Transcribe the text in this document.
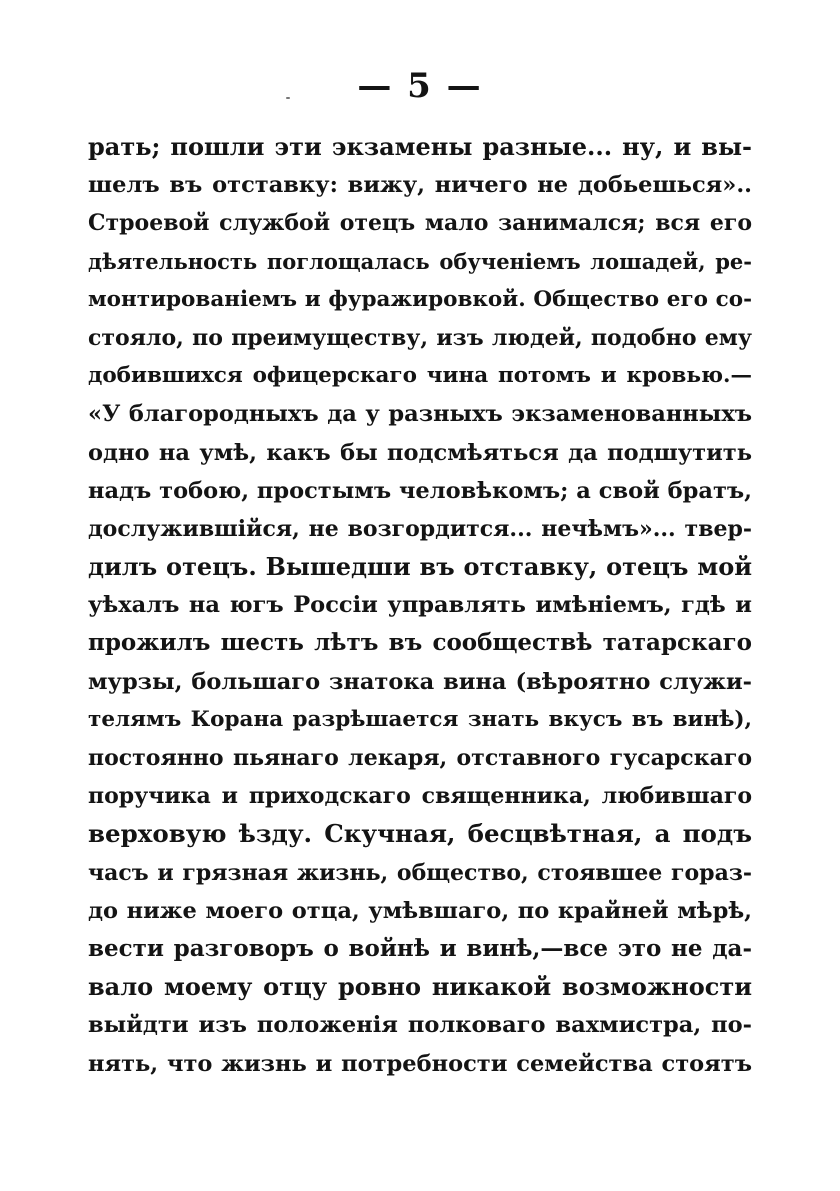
— 5 —
рать; пошли эти экзамены разные... ну, и вы-
шелъ въ отставку: вижу, ничего не добьешься»..
Строевой службой отецъ мало занимался; вся его
дѣятельность поглощалась обученіемъ лошадей, ре-
монтированіемъ и фуражировкой. Общество его со-
стояло, по преимуществу, изъ людей, подобно ему
добившихся офицерскаго чина потомъ и кровью.—
«У благородныхъ да у разныхъ экзаменованныхъ
одно на умѣ, какъ бы подсмѣяться да подшутить
надъ тобою, простымъ человѣкомъ; а свой братъ,
дослужившійся, не возгордится... нечѣмъ»... твер-
дилъ отецъ. Вышедши въ отставку, отецъ мой
уѣхалъ на югъ Россіи управлять имѣніемъ, гдѣ и
прожилъ шесть лѣтъ въ сообществѣ татарскаго
мурзы, большаго знатока вина (вѣроятно служи-
телямъ Корана разрѣшается знать вкусъ въ винѣ),
постоянно пьянаго лекаря, отставного гусарскаго
поручика и приходскаго священника, любившаго
верховую ѣзду. Скучная, бесцвѣтная, а подъ
часъ и грязная жизнь, общество, стоявшее горaз-
до ниже моего отца, умѣвшаго, по крайней мѣрѣ,
вести разговоръ о войнѣ и винѣ,—все это не да-
вало моему отцу ровно никакой возможности
выйдти изъ положенія полковаго вахмистра, по-
нять, что жизнь и потребности семейства стоятъ
